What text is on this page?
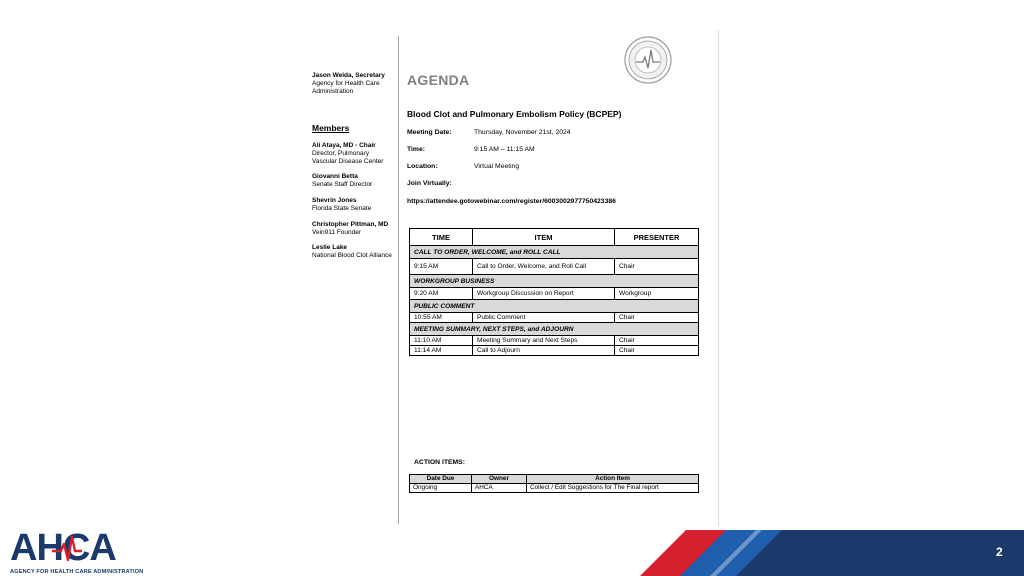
Jason Weida, Secretary
Agency for Health Care
Administration
Members
Ali Ataya, MD - Chair
Director, Pulmonary
Vascular Disease Center
Giovanni Betta
Senate Staff Director
Shevrin Jones
Florida State Senate
Christopher Pittman, MD
Vein911 Founder
Leslie Lake
National Blood Clot Alliance
AGENDA
Blood Clot and Pulmonary Embolism Policy (BCPEP)
Meeting Date:	Thursday, November 21st, 2024
Time:	9:15 AM – 11:15 AM
Location:	Virtual Meeting
Join Virtually:
https://attendee.gotowebinar.com/register/6003002977750423386
TIME	ITEM	PRESENTER
CALL TO ORDER, WELCOME, and ROLL CALL		
9:15 AM	Call to Order, Welcome, and Roll Call	Chair
WORKGROUP BUSINESS		
9:20 AM	Workgroup Discussion on Report	Workgroup
PUBLIC COMMENT		
10:55 AM	Public Comment	Chair
MEETING SUMMARY, NEXT STEPS, and ADJOURN		
11:10 AM	Meeting Summary and Next Steps	Chair
11:14 AM	Call to Adjourn	Chair
ACTION ITEMS:
Date Due	Owner	Action Item
Ongoing	AHCA	Collect / Edit Suggestions for The Final report
AHCA
AGENCY FOR HEALTH CARE ADMINISTRATION
2
